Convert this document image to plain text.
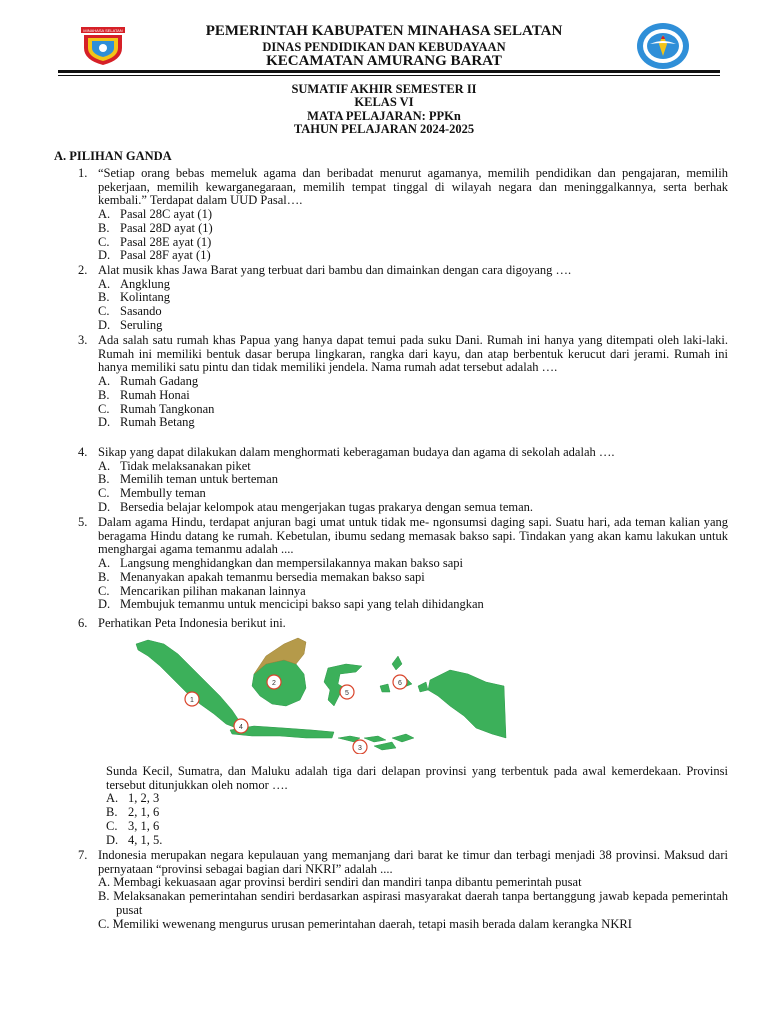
MINAHASA SELATAN	PEMERINTAH KABUPATEN MINAHASA SELATAN
DINAS PENDIDIKAN DAN KEBUDAYAAN
KECAMATAN AMURANG BARAT
SUMATIF AKHIR SEMESTER II
KELAS VI
MATA PELAJARAN: PPKn
TAHUN PELAJARAN 2024-2025
A. PILIHAN GANDA
1. “Setiap orang bebas memeluk agama dan beribadat menurut agamanya, memilih pendidikan dan pengajaran, memilih pekerjaan, memilih kewarganegaraan, memilih tempat tinggal di wilayah negara dan meninggalkannya, serta berhak kembali.” Terdapat dalam UUD Pasal….
A. Pasal 28C ayat (1)
B. Pasal 28D ayat (1)
C. Pasal 28E ayat (1)
D. Pasal 28F ayat (1)
2. Alat musik khas Jawa Barat yang terbuat dari bambu dan dimainkan dengan cara digoyang ….
A. Angklung
B. Kolintang
C. Sasando
D. Seruling
3. Ada salah satu rumah khas Papua yang hanya dapat temui pada suku Dani. Rumah ini hanya yang ditempati oleh laki-laki. Rumah ini memiliki bentuk dasar berupa lingkaran, rangka dari kayu, dan atap berbentuk kerucut dari jerami. Rumah ini hanya memiliki satu pintu dan tidak memiliki jendela. Nama rumah adat tersebut adalah ….
A. Rumah Gadang
B. Rumah Honai
C. Rumah Tangkonan
D. Rumah Betang
4. Sikap yang dapat dilakukan dalam menghormati keberagaman budaya dan agama di sekolah adalah ….
A. Tidak melaksanakan piket
B. Memilih teman untuk berteman
C. Membully teman
D. Bersedia belajar kelompok atau mengerjakan tugas prakarya dengan semua teman.
5. Dalam agama Hindu, terdapat anjuran bagi umat untuk tidak me- ngonsumsi daging sapi. Suatu hari, ada teman kalian yang beragama Hindu datang ke rumah. Kebetulan, ibumu sedang memasak bakso sapi. Tindakan yang akan kamu lakukan untuk menghargai agama temanmu adalah ....
A. Langsung menghidangkan dan mempersilakannya makan bakso sapi
B. Menanyakan apakah temanmu bersedia memakan bakso sapi
C. Mencarikan pilihan makanan lainnya
D. Membujuk temanmu untuk mencicipi bakso sapi yang telah dihidangkan
6. Perhatikan Peta Indonesia berikut ini.
1
2
3
4
5
6
Sunda Kecil, Sumatra, dan Maluku adalah tiga dari delapan provinsi yang terbentuk pada awal kemerdekaan. Provinsi tersebut ditunjukkan oleh nomor ….
A. 1, 2, 3
B. 2, 1, 6
C. 3, 1, 6
D. 4, 1, 5.
7. Indonesia merupakan negara kepulauan yang memanjang dari barat ke timur dan terbagi menjadi 38 provinsi. Maksud dari pernyataan “provinsi sebagai bagian dari NKRI” adalah ....
A. Membagi kekuasaan agar provinsi berdiri sendiri dan mandiri tanpa dibantu pemerintah pusat
B. Melaksanakan pemerintahan sendiri berdasarkan aspirasi masyarakat daerah tanpa bertanggung jawab kepada pemerintah pusat
C. Memiliki wewenang mengurus urusan pemerintahan daerah, tetapi masih berada dalam kerangka NKRI
